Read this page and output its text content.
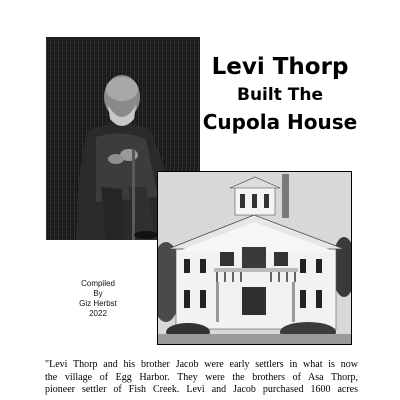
Levi Thorp
Built The
Cupola House
Compiled
By
Giz Herbst
2022
"Levi Thorp and his brother Jacob were early settlers in what is now
the village of Egg Harbor. They were the brothers of Asa Thorp,
pioneer settler of Fish Creek. Levi and Jacob purchased 1600 acres
